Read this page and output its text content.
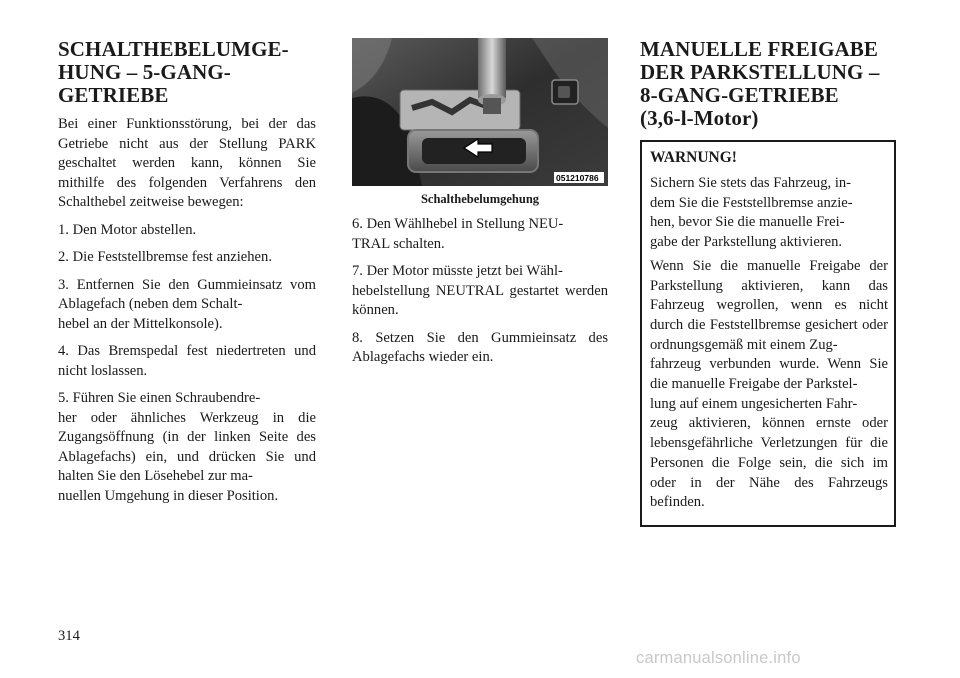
SCHALTHEBELUMGE-
HUNG – 5-GANG-
GETRIEBE

Bei einer Funktionsstörung, bei der das Getriebe nicht aus der Stellung PARK geschaltet werden kann, können Sie mithilfe des folgenden Verfahrens den Schalthebel zeitweise bewegen:

1. Den Motor abstellen.

2. Die Feststellbremse fest anziehen.

3. Entfernen Sie den Gummieinsatz vom Ablagefach (neben dem Schalt-
hebel an der Mittelkonsole).

4. Das Bremspedal fest niedertreten und nicht loslassen.

5. Führen Sie einen Schraubendre-
her oder ähnliches Werkzeug in die Zugangsöffnung (in der linken Seite des Ablagefachs) ein, und drücken Sie und halten Sie den Lösehebel zur ma-
nuellen Umgehung in dieser Position.

051210786
Schalthebelumgehung

6. Den Wählhebel in Stellung NEU-
TRAL schalten.

7. Der Motor müsste jetzt bei Wähl-
hebelstellung NEUTRAL gestartet werden können.

8. Setzen Sie den Gummieinsatz des Ablagefachs wieder ein.

MANUELLE FREIGABE
DER PARKSTELLUNG –
8-GANG-GETRIEBE
(3,6-l-Motor)
WARNUNG!

Sichern Sie stets das Fahrzeug, in-
dem Sie die Feststellbremse anzie-
hen, bevor Sie die manuelle Frei-
gabe der Parkstellung aktivieren.

Wenn Sie die manuelle Freigabe der Parkstellung aktivieren, kann das Fahrzeug wegrollen, wenn es nicht durch die Feststellbremse gesichert oder ordnungsgemäß mit einem Zug-
fahrzeug verbunden wurde. Wenn Sie die manuelle Freigabe der Parkstel-
lung auf einem ungesicherten Fahr-
zeug aktivieren, können ernste oder lebensgefährliche Verletzungen für die Personen die Folge sein, die sich im oder in der Nähe des Fahrzeugs befinden.

314
carmanualsonline.info
